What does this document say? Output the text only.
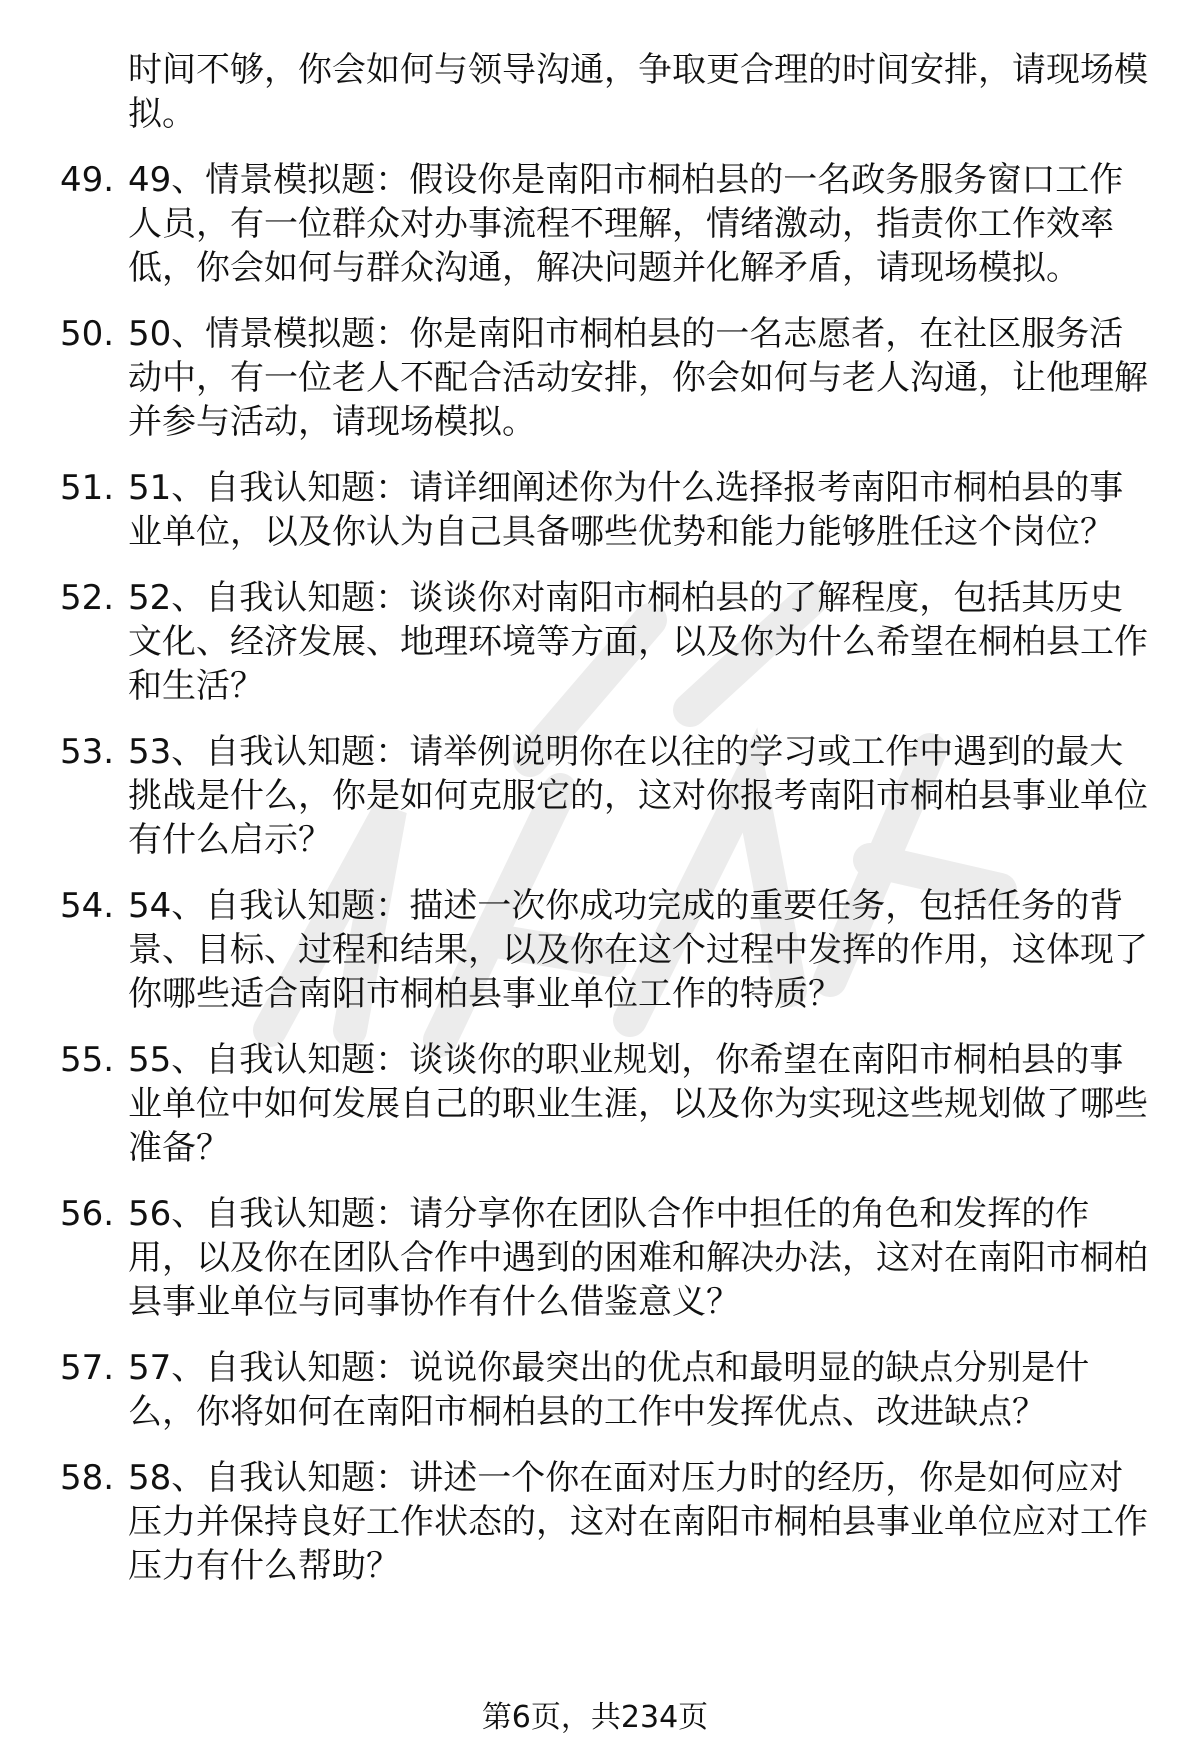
时间不够，你会如何与领导沟通，争取更合理的时间安排，请现场模拟。
49. 49、情景模拟题：假设你是南阳市桐柏县的一名政务服务窗口工作人员，有一位群众对办事流程不理解，情绪激动，指责你工作效率低，你会如何与群众沟通，解决问题并化解矛盾，请现场模拟。
50. 50、情景模拟题：你是南阳市桐柏县的一名志愿者，在社区服务活动中，有一位老人不配合活动安排，你会如何与老人沟通，让他理解并参与活动，请现场模拟。
51. 51、自我认知题：请详细阐述你为什么选择报考南阳市桐柏县的事业单位，以及你认为自己具备哪些优势和能力能够胜任这个岗位？
52. 52、自我认知题：谈谈你对南阳市桐柏县的了解程度，包括其历史文化、经济发展、地理环境等方面，以及你为什么希望在桐柏县工作和生活？
53. 53、自我认知题：请举例说明你在以往的学习或工作中遇到的最大挑战是什么，你是如何克服它的，这对你报考南阳市桐柏县事业单位有什么启示？
54. 54、自我认知题：描述一次你成功完成的重要任务，包括任务的背景、目标、过程和结果，以及你在这个过程中发挥的作用，这体现了你哪些适合南阳市桐柏县事业单位工作的特质？
55. 55、自我认知题：谈谈你的职业规划，你希望在南阳市桐柏县的事业单位中如何发展自己的职业生涯，以及你为实现这些规划做了哪些准备？
56. 56、自我认知题：请分享你在团队合作中担任的角色和发挥的作用，以及你在团队合作中遇到的困难和解决办法，这对在南阳市桐柏县事业单位与同事协作有什么借鉴意义？
57. 57、自我认知题：说说你最突出的优点和最明显的缺点分别是什么，你将如何在南阳市桐柏县的工作中发挥优点、改进缺点？
58. 58、自我认知题：讲述一个你在面对压力时的经历，你是如何应对压力并保持良好工作状态的，这对在南阳市桐柏县事业单位应对工作压力有什么帮助？
第6页，共234页
